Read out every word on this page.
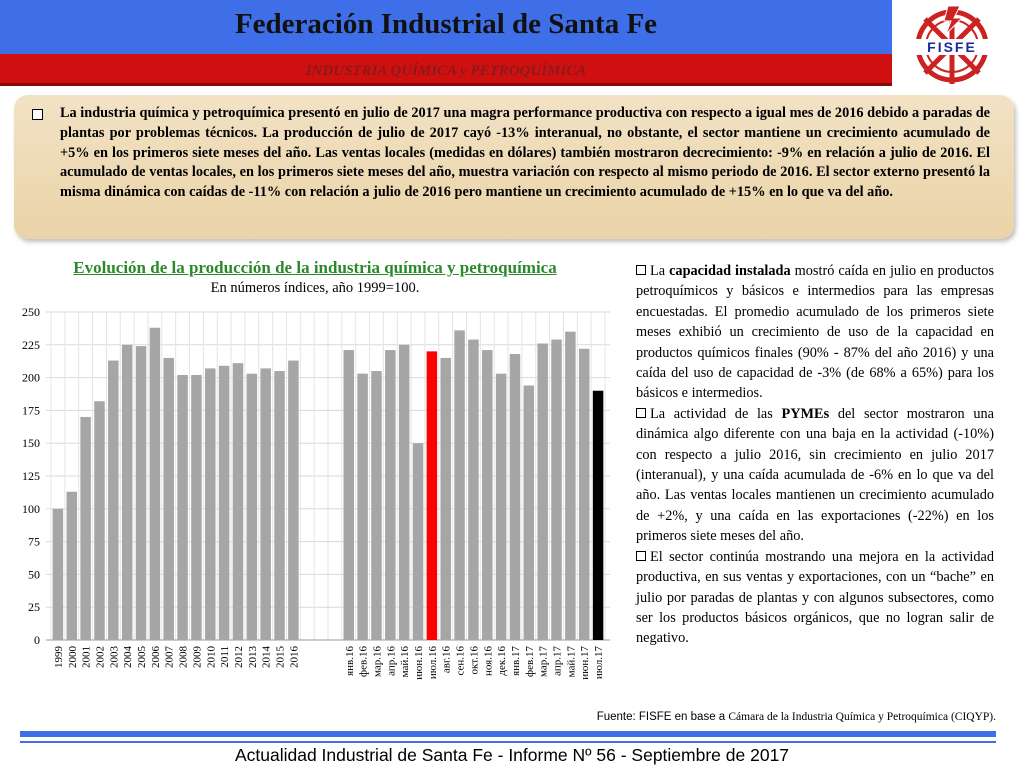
Federación Industrial de Santa Fe
INDUSTRIA QUÍMICA y PETROQUÍMICA
FISFE
La industria química y petroquímica presentó en julio de 2017 una magra performance productiva con respecto a igual mes de 2016 debido a paradas de plantas por problemas técnicos. La producción de julio de 2017 cayó -13% interanual, no obstante, el sector mantiene un crecimiento acumulado de +5% en los primeros siete meses del año. Las ventas locales (medidas en dólares) también mostraron decrecimiento: -9% en relación a julio de 2016. El acumulado de ventas locales, en los primeros siete meses del año, muestra variación con respecto al mismo periodo de 2016. El sector externo presentó la misma dinámica con caídas de -11% con relación a julio de 2016 pero mantiene un crecimiento acumulado de +15% en lo que va del año.
Evolución de la producción de la industria química y petroquímica
En números índices, año 1999=100.
0
25
50
75
100
125
150
175
200
225
250
1999 2000 2001 2002 2003 2004 2005 2006 2007 2008 2009 2010 2011 2012 2013 2014 2015 2016	янв.16 фев.16 мар.16 апр.16 май.16 июн.16 июл.16 авг.16 сен.16 окт.16 ноя.16 дек.16 янв.17 фев.17 мар.17 апр.17 май.17 июн.17 июл.17

La capacidad instalada mostró caída en julio en productos petroquímicos y básicos e intermedios para las empresas encuestadas. El promedio acumulado de los primeros siete meses exhibió un crecimiento de uso de la capacidad en productos químicos finales (90% - 87% del año 2016) y una caída del uso de capacidad de -3% (de 68% a 65%) para los básicos e intermedios.

La actividad de las PYMEs del sector mostraron una dinámica algo diferente con una baja en la actividad (-10%) con respecto a julio 2016, sin crecimiento en julio 2017 (interanual), y una caída acumulada de -6% en lo que va del año. Las ventas locales mantienen un crecimiento acumulado de +2%, y una caída en las exportaciones (-22%) en los primeros siete meses del año.

El sector continúa mostrando una mejora en la actividad productiva, en sus ventas y exportaciones, con un “bache” en julio por paradas de plantas y con algunos subsectores, como ser los productos básicos orgánicos, que no logran salir de negativo.

Fuente: FISFE en base a Cámara de la Industria Química y Petroquímica (CIQYP).
Actualidad Industrial de Santa Fe - Informe Nº 56 - Septiembre de 2017
